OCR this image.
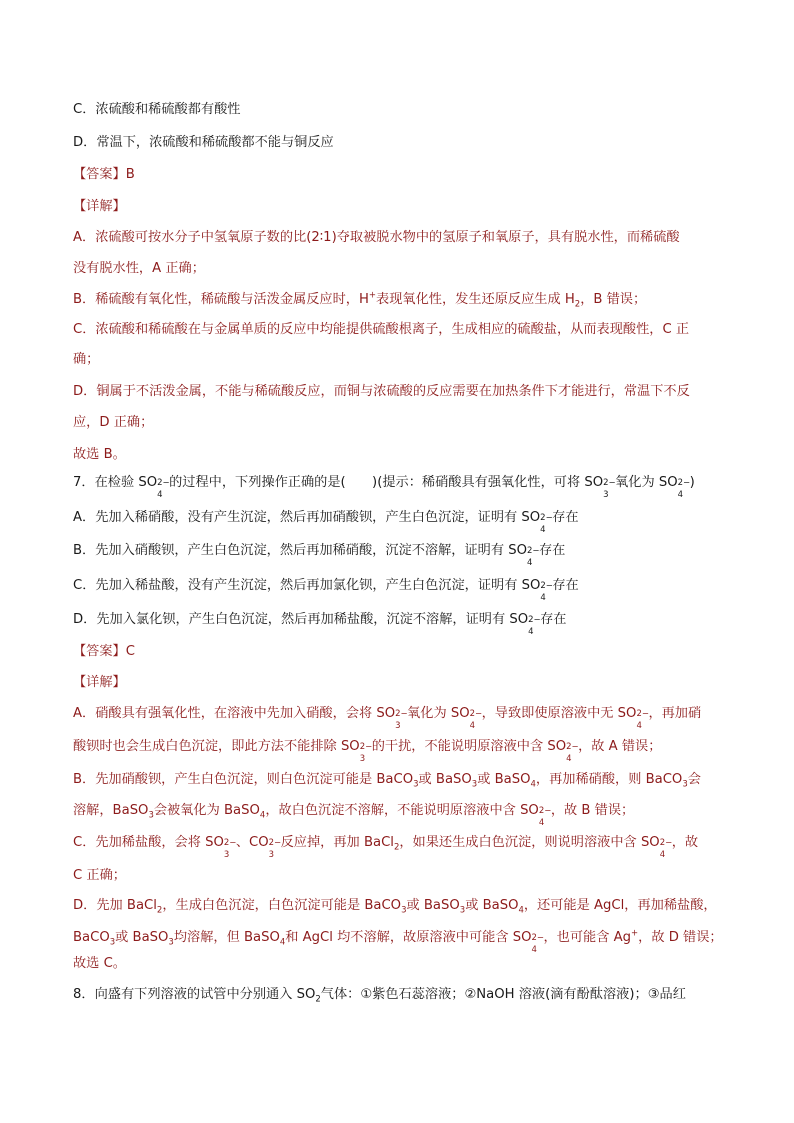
C．浓硫酸和稀硫酸都有酸性
D．常温下，浓硫酸和稀硫酸都不能与铜反应
【答案】B
【详解】
A．浓硫酸可按水分子中氢氧原子数的比(2∶1)夺取被脱水物中的氢原子和氧原子，具有脱水性，而稀硫酸
没有脱水性，A 正确；
B．稀硫酸有氧化性，稀硫酸与活泼金属反应时，H+表现氧化性，发生还原反应生成 $H_2$，B 错误；
C．浓硫酸和稀硫酸在与金属单质的反应中均能提供硫酸根离子，生成相应的硫酸盐，从而表现酸性，C 正
确；
D．铜属于不活泼金属，不能与稀硫酸反应，而铜与浓硫酸的反应需要在加热条件下才能进行，常温下不反
应，D 正确；
故选 B。
7．在检验 SO 2−
4
的过程中，下列操作正确的是(　　)(提示：稀硝酸具有强氧化性，可将 SO 2−
3
氧化为 SO 2−
4
)
A．先加入稀硝酸，没有产生沉淀，然后再加硝酸钡，产生白色沉淀，证明有 SO 2−
4
存在
B．先加入硝酸钡，产生白色沉淀，然后再加稀硝酸，沉淀不溶解，证明有 SO 2−
4
存在
C．先加入稀盐酸，没有产生沉淀，然后再加氯化钡，产生白色沉淀，证明有 SO 2−
4
存在
D．先加入氯化钡，产生白色沉淀，然后再加稀盐酸，沉淀不溶解，证明有 SO 2−
4
存在
【答案】C
【详解】
A．硝酸具有强氧化性，在溶液中先加入硝酸，会将 SO 2−
3
氧化为 SO 2−
4
，导致即使原溶液中无 SO 2−
4
，再加硝
酸钡时也会生成白色沉淀，即此方法不能排除 SO 2−
3
的干扰，不能说明原溶液中含 SO 2−
4
，故 A 错误；
B．先加硝酸钡，产生白色沉淀，则白色沉淀可能是 BaCO$_3$或 BaSO$_3$或 BaSO$_4$，再加稀硝酸，则 BaCO$_3$会
溶解，BaSO$_3$会被氧化为 BaSO$_4$，故白色沉淀不溶解，不能说明原溶液中含 SO 2−
4
，故 B 错误；
C．先加稀盐酸，会将 SO 2−
3
、CO 2−
3
反应掉，再加 BaCl$_2$，如果还生成白色沉淀，则说明溶液中含 SO 2−
4
，故
C 正确；
D．先加 BaCl$_2$，生成白色沉淀，白色沉淀可能是 BaCO$_3$或 BaSO$_3$或 BaSO$_4$，还可能是 AgCl，再加稀盐酸，
BaCO$_3$或 BaSO$_3$均溶解，但 BaSO$_4$和 AgCl 均不溶解，故原溶液中可能含 SO 2−
4
，也可能含 Ag+，故 D 错误；
故选 C。
8．向盛有下列溶液的试管中分别通入 $SO_2$气体：①紫色石蕊溶液；②NaOH 溶液(滴有酚酞溶液)；③品红
